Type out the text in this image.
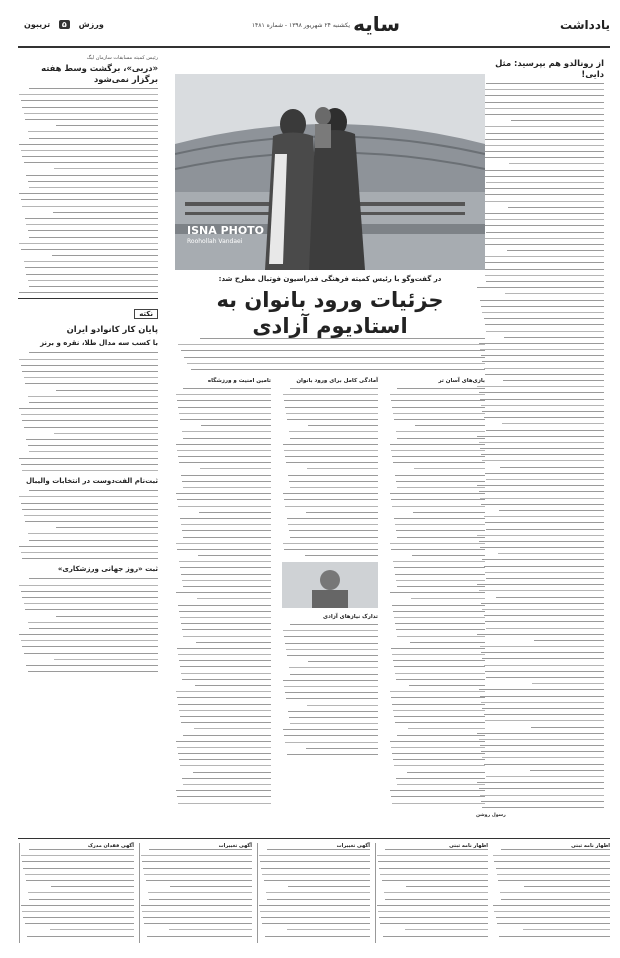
یادداشت
سایه
یکشنبه ۲۴ شهریور ۱۳۹۸ - شماره ۱۴۸۱
ورزش ۵ تریبون
از رونالدو هم بپرسید: مثل دایی!
رسول روشن
رئیس کمیته مسابقات سازمان لیگ
«دربی»، برگشت وسط هفته برگزار نمی‌شود
نکته
پایان کار کانوادو ایران
با کسب سه مدال طلا، نقره و برنز
ثبت‌نام الفت‌دوست در انتخابات والیبال
ثبت «روز جهانی ورزشکاری»
ISNA PHOTO
Roohollah Vandaei
در گفت‌وگو با رئیس کمیته فرهنگی فدراسیون فوتبال مطرح شد:
جزئیات ورود بانوان به استادیوم آزادی
بازی‌های آسان تر
آمادگی کامل برای ورود بانوان
تدارک نیازهای آزادی
تامین امنیت و ورزشگاه
اظهار نامه ثبتی
اظهار نامه ثبتی
آگهی تغییرات
آگهی تغییرات
آگهی فقدان مدرک
